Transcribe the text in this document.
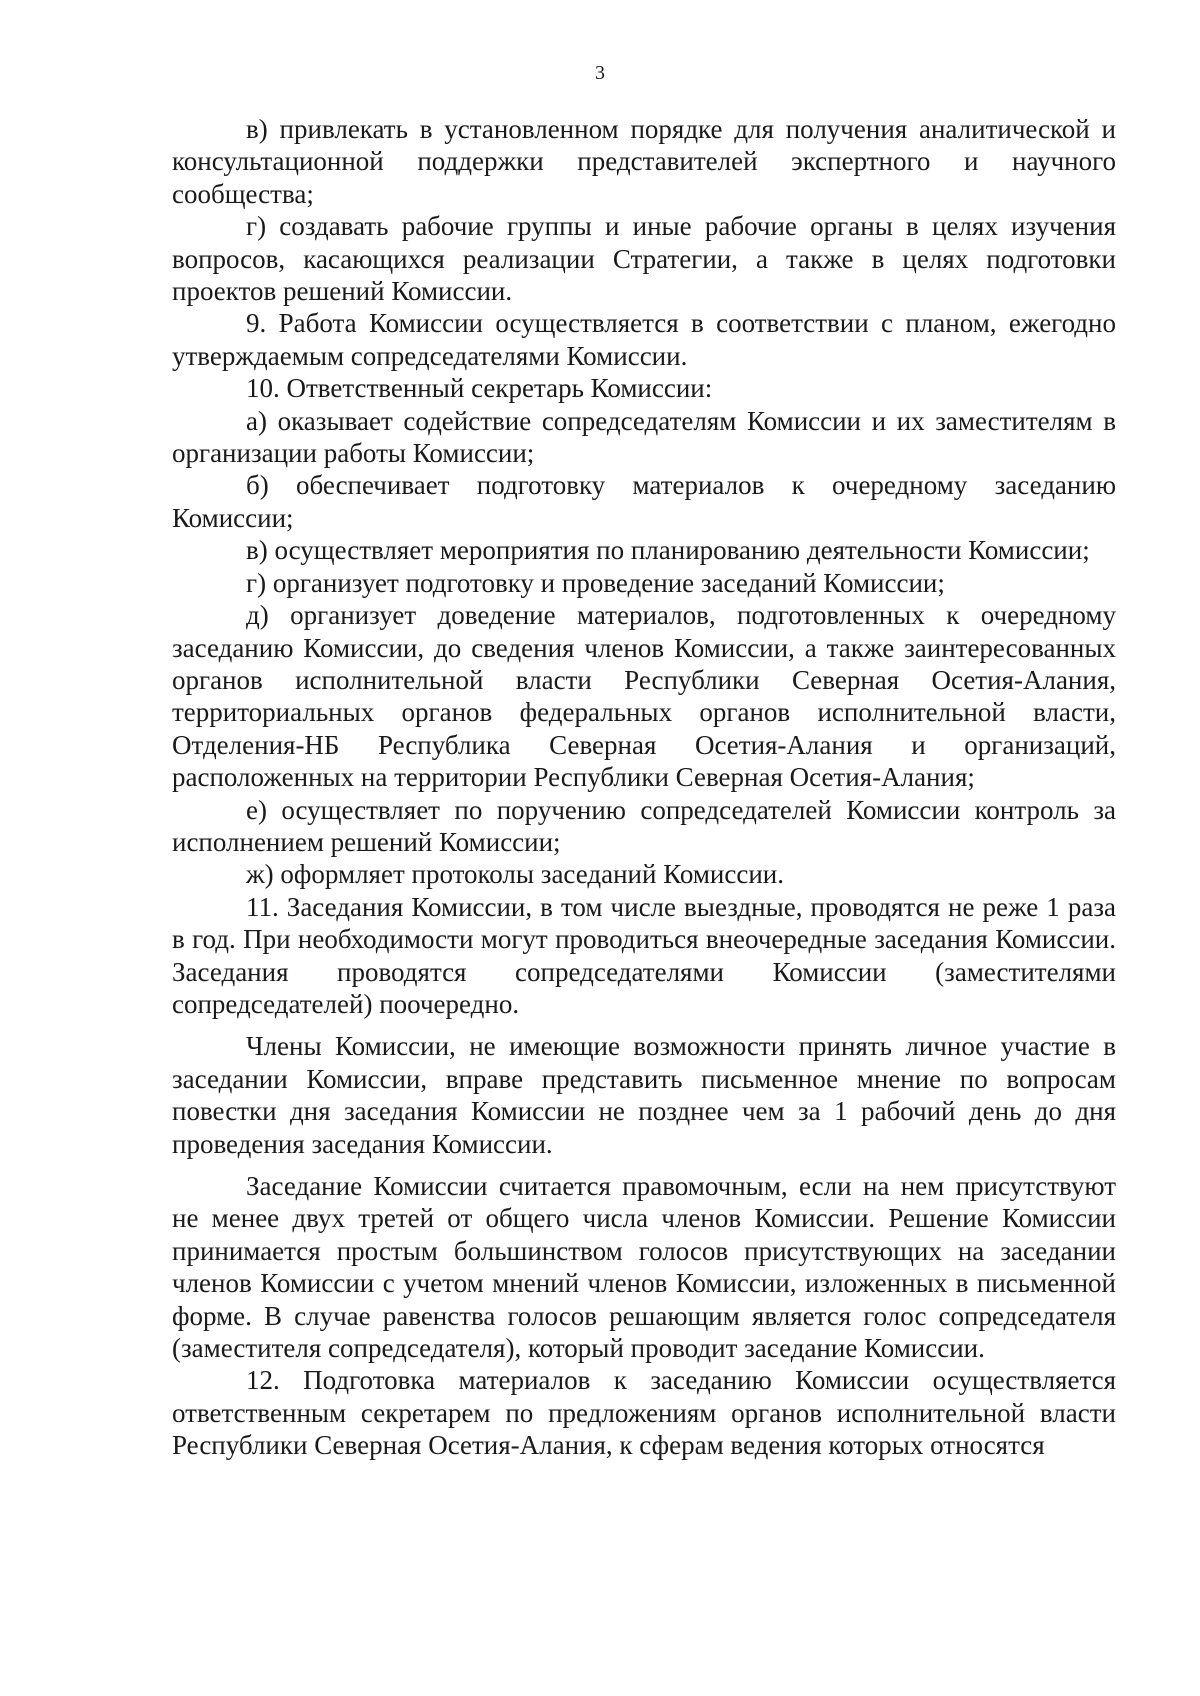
3

в) привлекать в установленном порядке для получения аналитической и консультационной поддержки представителей экспертного и научного сообщества;

г) создавать рабочие группы и иные рабочие органы в целях изучения вопросов, касающихся реализации Стратегии, а также в целях подготовки проектов решений Комиссии.

9. Работа Комиссии осуществляется в соответствии с планом, ежегодно утверждаемым сопредседателями Комиссии.

10. Ответственный секретарь Комиссии:

а) оказывает содействие сопредседателям Комиссии и их заместителям в организации работы Комиссии;

б) обеспечивает подготовку материалов к очередному заседанию Комиссии;

в) осуществляет мероприятия по планированию деятельности Комиссии;

г) организует подготовку и проведение заседаний Комиссии;

д) организует доведение материалов, подготовленных к очередному заседанию Комиссии, до сведения членов Комиссии, а также заинтересованных органов исполнительной власти Республики Северная Осетия-Алания, территориальных органов федеральных органов исполнительной власти, Отделения-НБ Республика Северная Осетия-Алания и организаций, расположенных на территории Республики Северная Осетия-Алания;

е) осуществляет по поручению сопредседателей Комиссии контроль за исполнением решений Комиссии;

ж) оформляет протоколы заседаний Комиссии.

11. Заседания Комиссии, в том числе выездные, проводятся не реже 1 раза в год. При необходимости могут проводиться внеочередные заседания Комиссии. Заседания проводятся сопредседателями Комиссии (заместителями сопредседателей) поочередно.

Члены Комиссии, не имеющие возможности принять личное участие в заседании Комиссии, вправе представить письменное мнение по вопросам повестки дня заседания Комиссии не позднее чем за 1 рабочий день до дня проведения заседания Комиссии.

Заседание Комиссии считается правомочным, если на нем присутствуют не менее двух третей от общего числа членов Комиссии. Решение Комиссии принимается простым большинством голосов присутствующих на заседании членов Комиссии с учетом мнений членов Комиссии, изложенных в письменной форме. В случае равенства голосов решающим является голос сопредседателя (заместителя сопредседателя), который проводит заседание Комиссии.

12. Подготовка материалов к заседанию Комиссии осуществляется ответственным секретарем по предложениям органов исполнительной власти Республики Северная Осетия-Алания, к сферам ведения которых относятся
